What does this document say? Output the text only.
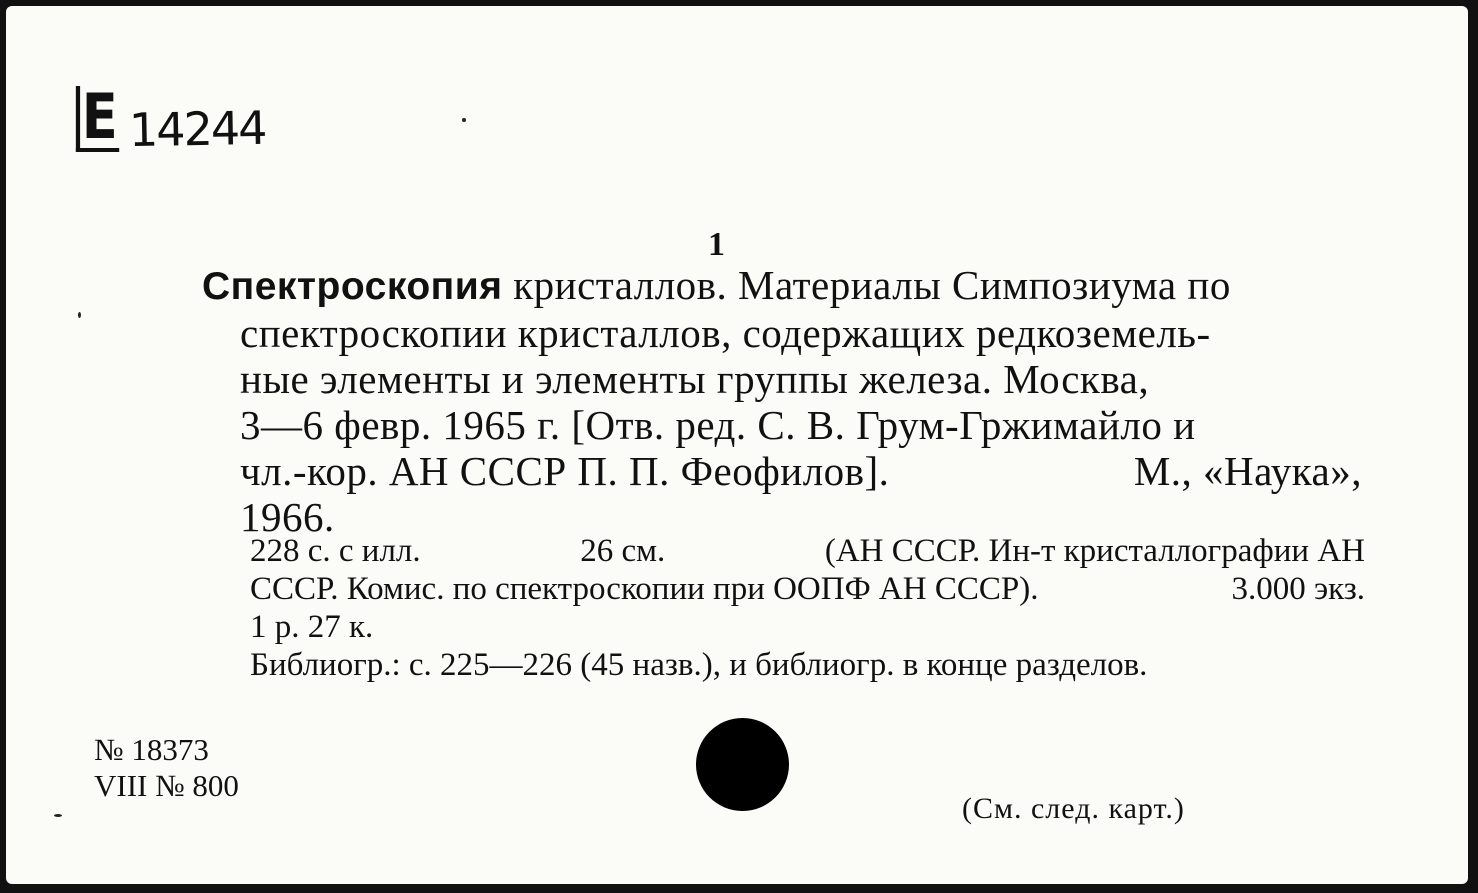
E 14244
1
Спектроскопия кристаллов. Материалы Симпозиума по
спектроскопии кристаллов, содержащих редкоземель-
ные элементы и элементы группы железа. Москва,
3—6 февр. 1965 г. [Отв. ред. С. В. Грум-Гржимайло и
чл.-кор. АН СССР П. П. Феофилов].	М., «Наука»,
1966.
228 с. с илл.	26 см.	(АН СССР. Ин-т кристаллографии АН
СССР. Комис. по спектроскопии при ООПФ АН СССР).	3.000 экз.
1 р. 27 к.
Библиогр.: с. 225—226 (45 назв.), и библиогр. в конце разделов.
№ 18373
VIII № 800
(См. след. карт.)
